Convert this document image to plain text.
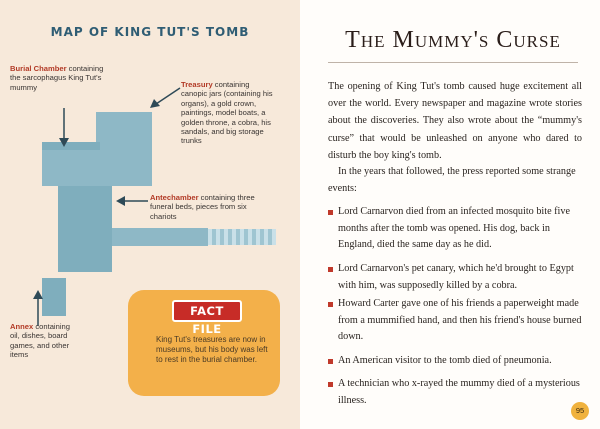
MAP OF KING TUT'S TOMB
Burial Chamber containing the sarcophagus King Tut's mummy	Treasury containing canopic jars (containing his organs), a gold crown, paintings, model boats, a golden throne, a cobra, his sandals, and big storage trunks
Antechamber containing three funeral beds, pieces from six chariots
Annex containing oil, dishes, board games, and other items
FACT FILE
King Tut's treasures are now in museums, but his body was left to rest in the burial chamber.
The Mummy's Curse
The opening of King Tut's tomb caused huge excitement all over the world. Every newspaper and magazine wrote stories about the discoveries. They also wrote about the “mummy's curse” that would be unleashed on anyone who dared to disturb the boy king's tomb.
In the years that followed, the press reported some strange events:
Lord Carnarvon died from an infected mosquito bite five months after the tomb was opened. His dog, back in England, died the same day as he did.
Lord Carnarvon's pet canary, which he'd brought to Egypt with him, was supposedly killed by a cobra.
Howard Carter gave one of his friends a paperweight made from a mummified hand, and then his friend's house burned down.
An American visitor to the tomb died of pneumonia.
A technician who x-rayed the mummy died of a mysterious illness.
95
